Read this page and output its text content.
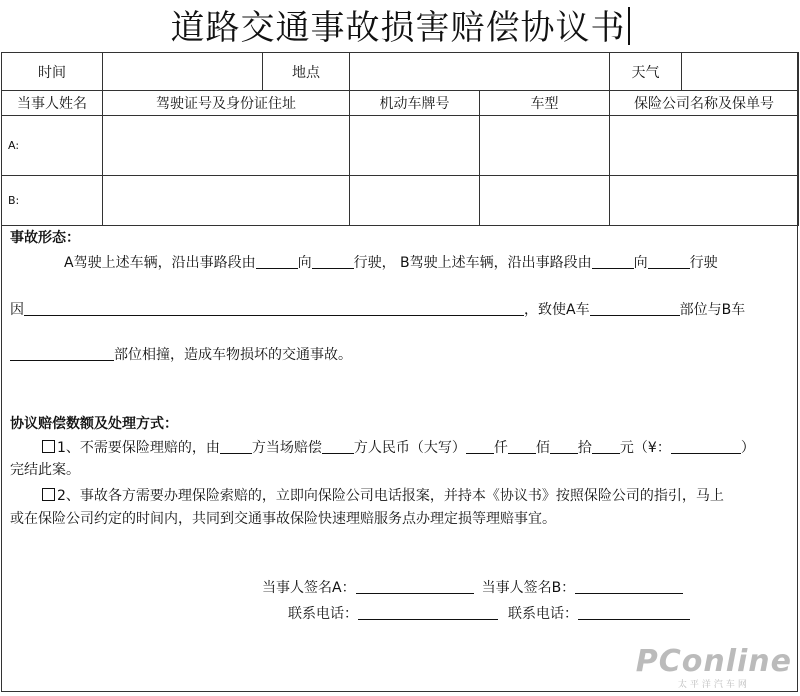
道路交通事故损害赔偿协议书
时间		地点			天气	
当事人姓名	驾驶证号及身份证住址		机动车牌号	车型	保险公司名称及保单号	
A:						
B:						
事故形态：
A驾驶上述车辆，沿出事路段由	向	行驶， B驾驶上述车辆，沿出事路段由	向	行驶
因	，致使A车	部位与B车
部位相撞，造成车物损坏的交通事故。
协议赔偿数额及处理方式：
1、不需要保险理赔的，由 方当场赔偿 方人民币（大写） 仟 佰 拾 元（¥：	）
完结此案。
2、事故各方需要办理保险索赔的，立即向保险公司电话报案，并持本《协议书》按照保险公司的指引，马上
或在保险公司约定的时间内，共同到交通事故保险快速理赔服务点办理定损等理赔事宜。
当事人签名A：	当事人签名B：
联系电话：	联系电话：
PConline
太平洋汽车网
